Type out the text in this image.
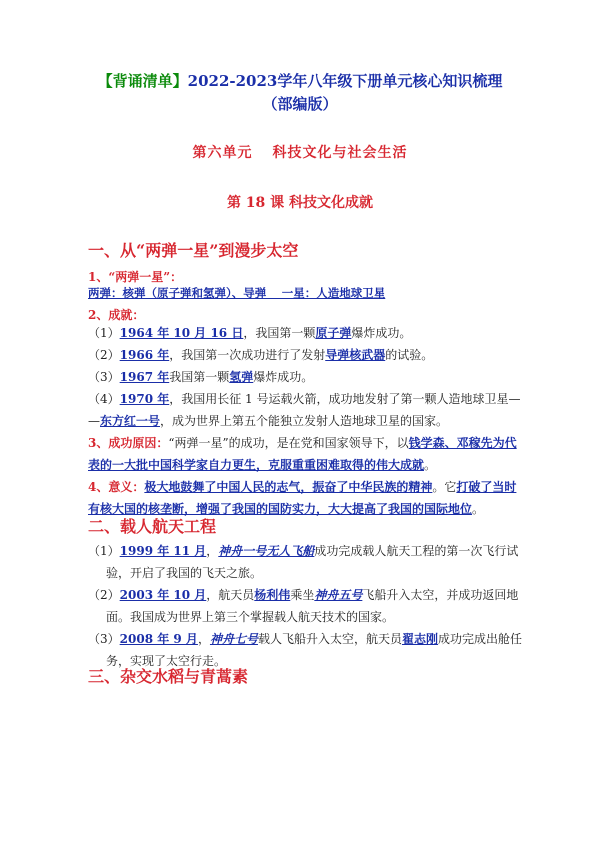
【背诵清单】2022-2023学年八年级下册单元核心知识梳理（部编版）
第六单元 科技文化与社会生活
第 18 课 科技文化成就
一、从“两弹一星”到漫步太空
1、“两弹一星”：
两弹：核弹（原子弹和氢弹）、导弹　 一星：人造地球卫星
2、成就：
（1）1964 年 10 月 16 日，我国第一颗原子弹爆炸成功。
（2）1966 年，我国第一次成功进行了发射导弹核武器的试验。
（3）1967 年我国第一颗氢弹爆炸成功。
（4）1970 年，我国用长征 1 号运载火箭，成功地发射了第一颗人造地球卫星—
—东方红一号，成为世界上第五个能独立发射人造地球卫星的国家。
3、成功原因：“两弹一星”的成功，是在党和国家领导下，以钱学森、邓稼先为代表的一大批中国科学家自力更生，克服重重困难取得的伟大成就。
4、意义：极大地鼓舞了中国人民的志气，振奋了中华民族的精神。它打破了当时有核大国的核垄断，增强了我国的国防实力，大大提高了我国的国际地位。
二、载人航天工程
（1）1999 年 11 月，神舟一号无人飞船成功完成载人航天工程的第一次飞行试验，开启了我国的飞天之旅。
（2）2003 年 10 月，航天员杨利伟乘坐神舟五号飞船升入太空，并成功返回地面。我国成为世界上第三个掌握载人航天技术的国家。
（3）2008 年 9 月，神舟七号载人飞船升入太空，航天员翟志刚成功完成出舱任务，实现了太空行走。
三、杂交水稻与青蒿素
